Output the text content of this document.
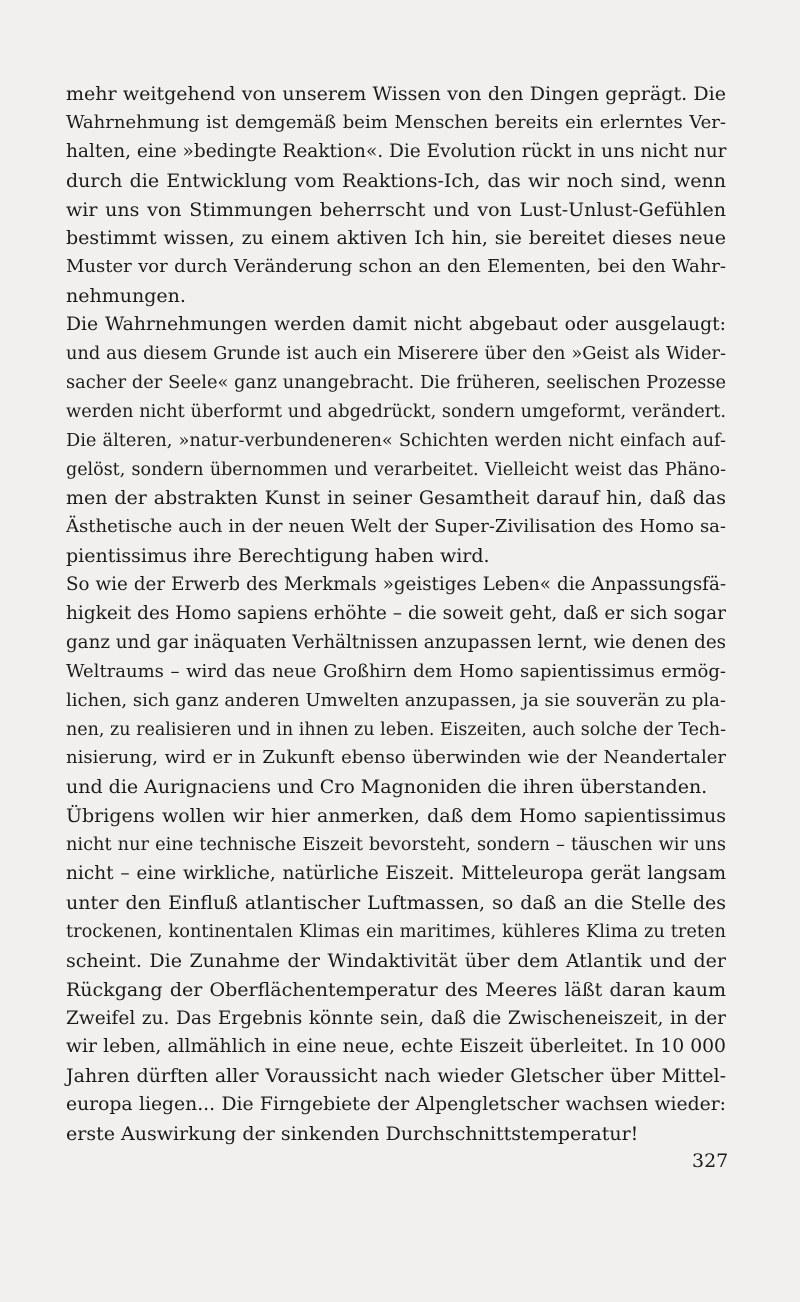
mehr weitgehend von unserem Wissen von den Dingen geprägt. Die
Wahrnehmung ist demgemäß beim Menschen bereits ein erlerntes Ver-
halten, eine »bedingte Reaktion«. Die Evolution rückt in uns nicht nur
durch die Entwicklung vom Reaktions-Ich, das wir noch sind, wenn
wir uns von Stimmungen beherrscht und von Lust-Unlust-Gefühlen
bestimmt wissen, zu einem aktiven Ich hin, sie bereitet dieses neue
Muster vor durch Veränderung schon an den Elementen, bei den Wahr-
nehmungen.
Die Wahrnehmungen werden damit nicht abgebaut oder ausgelaugt:
und aus diesem Grunde ist auch ein Miserere über den »Geist als Wider-
sacher der Seele« ganz unangebracht. Die früheren, seelischen Prozesse
werden nicht überformt und abgedrückt, sondern umgeformt, verändert.
Die älteren, »natur-verbundeneren« Schichten werden nicht einfach auf-
gelöst, sondern übernommen und verarbeitet. Vielleicht weist das Phäno-
men der abstrakten Kunst in seiner Gesamtheit darauf hin, daß das
Ästhetische auch in der neuen Welt der Super-Zivilisation des Homo sa-
pientissimus ihre Berechtigung haben wird.
So wie der Erwerb des Merkmals »geistiges Leben« die Anpassungsfä-
higkeit des Homo sapiens erhöhte – die soweit geht, daß er sich sogar
ganz und gar inäquaten Verhältnissen anzupassen lernt, wie denen des
Weltraums – wird das neue Großhirn dem Homo sapientissimus ermög-
lichen, sich ganz anderen Umwelten anzupassen, ja sie souverän zu pla-
nen, zu realisieren und in ihnen zu leben. Eiszeiten, auch solche der Tech-
nisierung, wird er in Zukunft ebenso überwinden wie der Neandertaler
und die Aurignaciens und Cro Magnoniden die ihren überstanden.
Übrigens wollen wir hier anmerken, daß dem Homo sapientissimus
nicht nur eine technische Eiszeit bevorsteht, sondern – täuschen wir uns
nicht – eine wirkliche, natürliche Eiszeit. Mitteleuropa gerät langsam
unter den Einfluß atlantischer Luftmassen, so daß an die Stelle des
trockenen, kontinentalen Klimas ein maritimes, kühleres Klima zu treten
scheint. Die Zunahme der Windaktivität über dem Atlantik und der
Rückgang der Oberflächentemperatur des Meeres läßt daran kaum
Zweifel zu. Das Ergebnis könnte sein, daß die Zwischeneiszeit, in der
wir leben, allmählich in eine neue, echte Eiszeit überleitet. In 10 000
Jahren dürften aller Voraussicht nach wieder Gletscher über Mittel-
europa liegen... Die Firngebiete der Alpengletscher wachsen wieder:
erste Auswirkung der sinkenden Durchschnittstemperatur!
327
